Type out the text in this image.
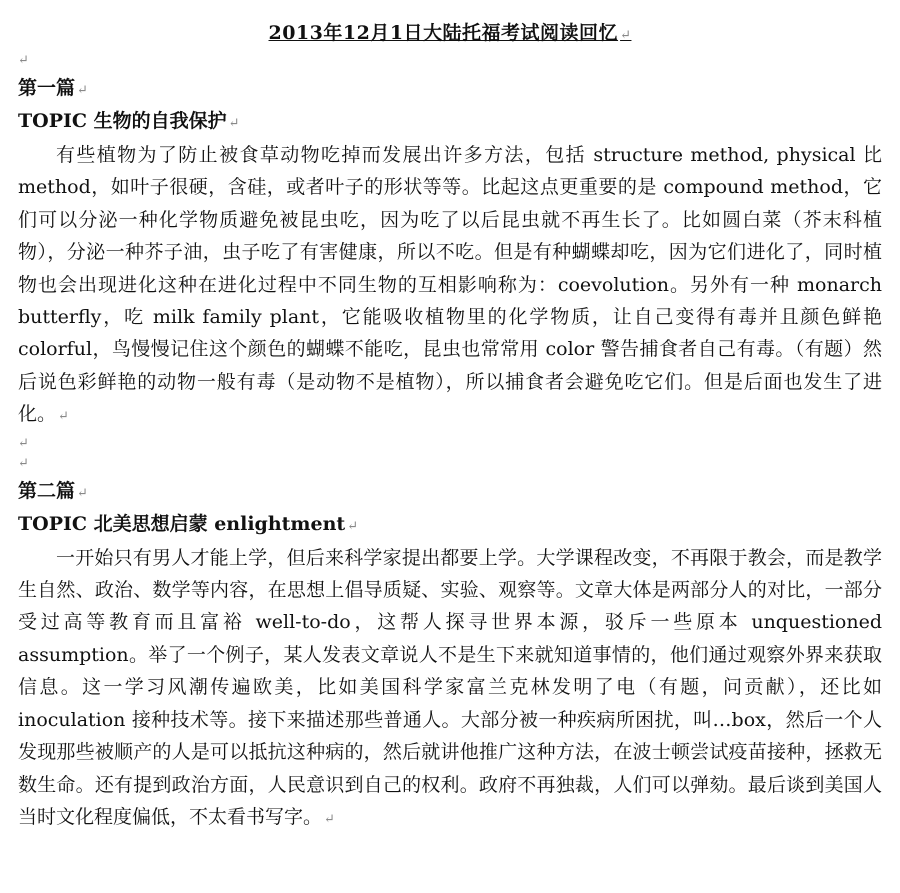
2013年12月1日大陆托福考试阅读回忆 ↵
↵
第一篇 ↵
TOPIC 生物的自我保护 ↵

有些植物为了防止被食草动物吃掉而发展出许多方法，包括 structure method, physical 比 method，如叶子很硬，含硅，或者叶子的形状等等。比起这点更重要的是 compound method，它们可以分泌一种化学物质避免被昆虫吃，因为吃了以后昆虫就不再生长了。比如圆白菜（芥末科植物），分泌一种芥子油，虫子吃了有害健康，所以不吃。但是有种蝴蝶却吃，因为它们进化了，同时植物也会出现进化这种在进化过程中不同生物的互相影响称为：coevolution。另外有一种 monarch butterfly，吃 milk family plant，它能吸收植物里的化学物质，让自己变得有毒并且颜色鲜艳 colorful，鸟慢慢记住这个颜色的蝴蝶不能吃，昆虫也常常用 color 警告捕食者自己有毒。（有题）然后说色彩鲜艳的动物一般有毒（是动物不是植物），所以捕食者会避免吃它们。但是后面也发生了进化。 ↵

↵
↵
第二篇 ↵
TOPIC 北美思想启蒙 enlightment ↵

一开始只有男人才能上学，但后来科学家提出都要上学。大学课程改变，不再限于教会，而是教学生自然、政治、数学等内容，在思想上倡导质疑、实验、观察等。文章大体是两部分人的对比，一部分受过高等教育而且富裕 well-to-do，这帮人探寻世界本源，驳斥一些原本 unquestioned assumption。举了一个例子，某人发表文章说人不是生下来就知道事情的，他们通过观察外界来获取信息。这一学习风潮传遍欧美，比如美国科学家富兰克林发明了电（有题，问贡献），还比如 inoculation 接种技术等。接下来描述那些普通人。大部分被一种疾病所困扰，叫…box，然后一个人发现那些被顺产的人是可以抵抗这种病的，然后就讲他推广这种方法，在波士顿尝试疫苗接种，拯救无数生命。还有提到政治方面，人民意识到自己的权利。政府不再独裁，人们可以弹劾。最后谈到美国人当时文化程度偏低，不太看书写字。 ↵
